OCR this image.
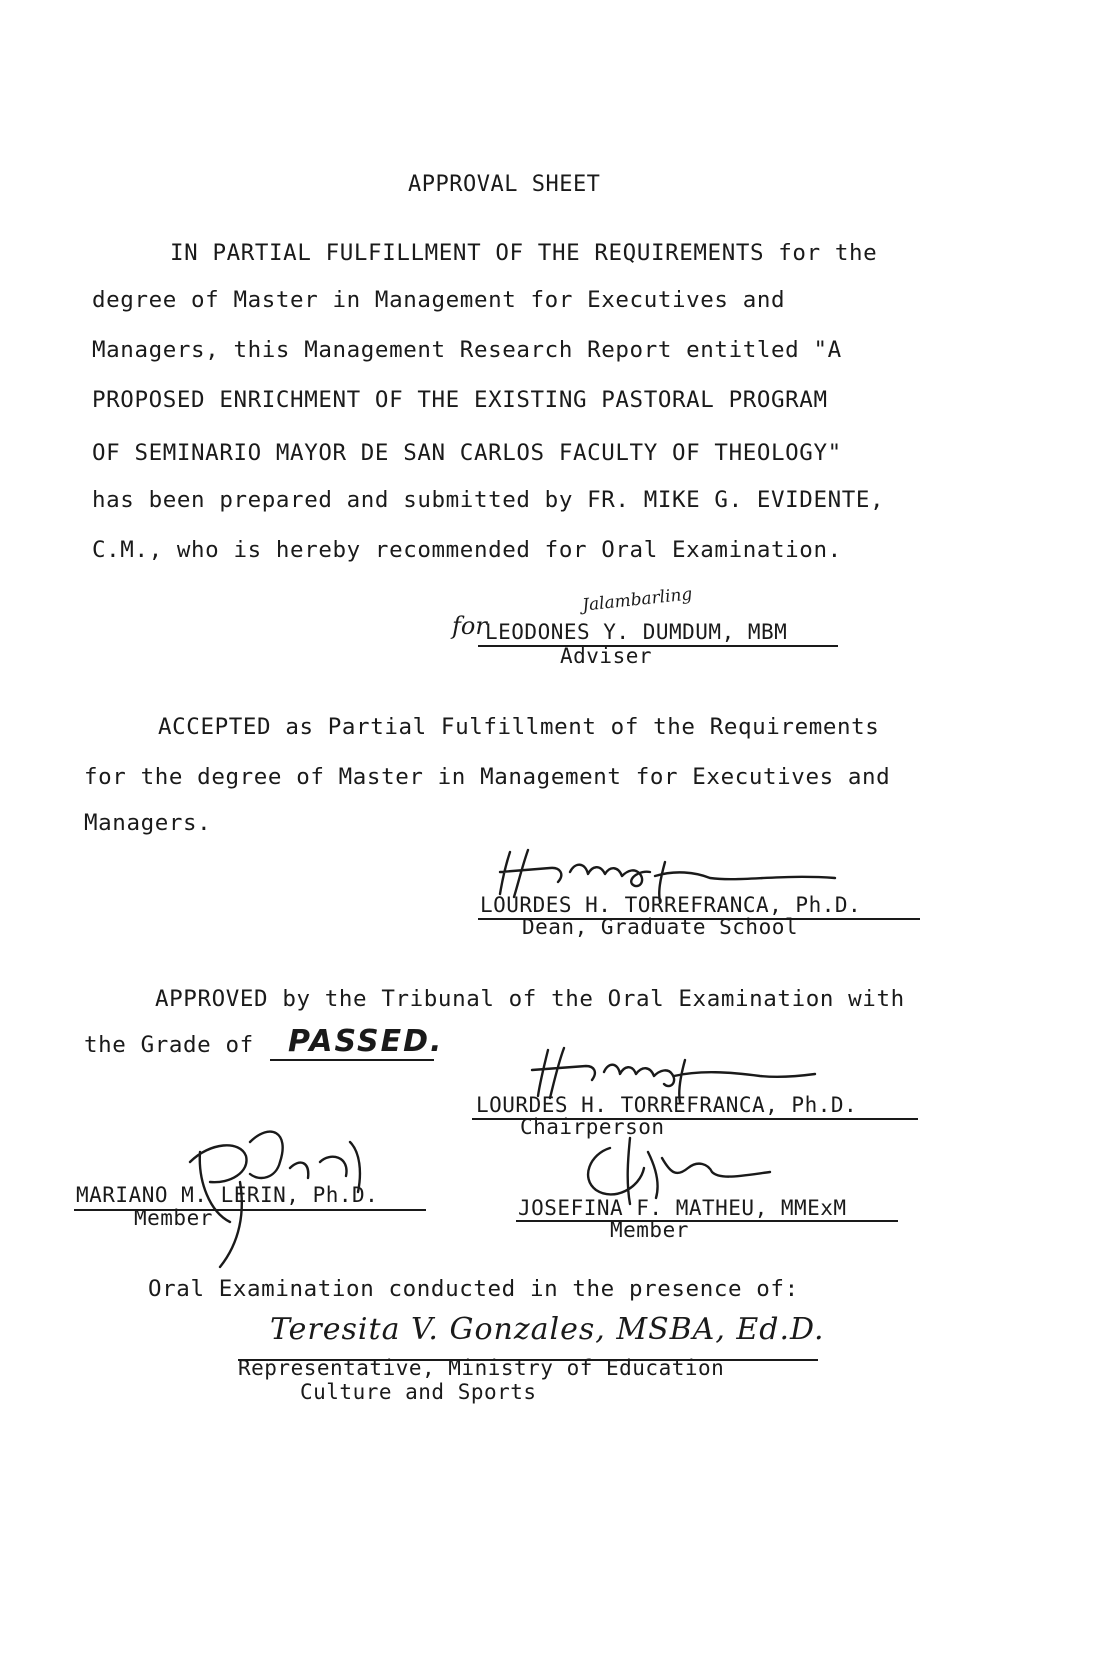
APPROVAL SHEET
IN PARTIAL FULFILLMENT OF THE REQUIREMENTS for the
degree of Master in Management for Executives and
Managers, this Management Research Report entitled "A
PROPOSED ENRICHMENT OF THE EXISTING PASTORAL PROGRAM
OF SEMINARIO MAYOR DE SAN CARLOS FACULTY OF THEOLOGY"
has been prepared and submitted by FR. MIKE G. EVIDENTE,
C.M., who is hereby recommended for Oral Examination.
for
Jalambarling
LEODONES Y. DUMDUM, MBM
Adviser
ACCEPTED as Partial Fulfillment of the Requirements
for the degree of Master in Management for Executives and
Managers.
LOURDES H. TORREFRANCA, Ph.D.
Dean, Graduate School
APPROVED by the Tribunal of the Oral Examination with
the Grade of PASSED.
LOURDES H. TORREFRANCA, Ph.D.
Chairperson
MARIANO M. LERIN, Ph.D.
Member	JOSEFINA F. MATHEU, MMExM
Member
Oral Examination conducted in the presence of:
Teresita V. Gonzales, MSBA, Ed.D.
Representative, Ministry of Education
Culture and Sports
